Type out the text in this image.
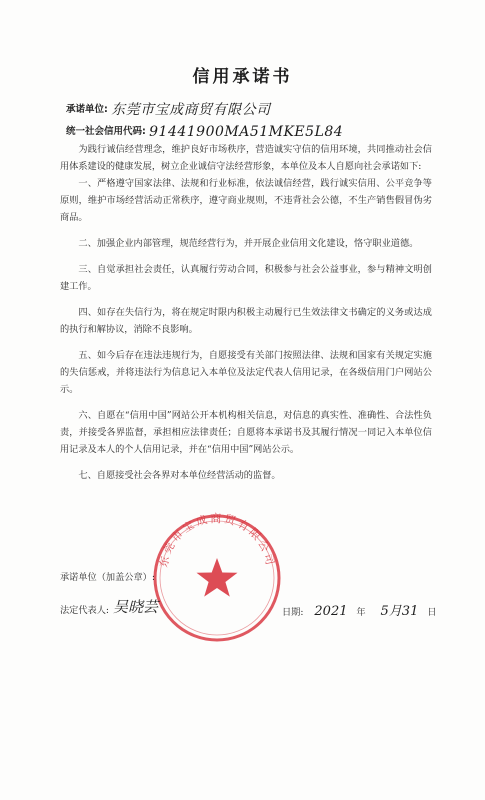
信用承诺书
承诺单位: 东莞市宝成商贸有限公司
统一社会信用代码: 91441900MA51MKE5L84

为践行诚信经营理念，维护良好市场秩序，营造诚实守信的信用环境，共同推动社会信用体系建设的健康发展，树立企业诚信守法经营形象，本单位及本人自愿向社会承诺如下:

一、严格遵守国家法律、法规和行业标准，依法诚信经营，践行诚实信用、公平竞争等原则，维护市场经营活动正常秩序，遵守商业规则，不违背社会公德，不生产销售假冒伪劣商品。

二、加强企业内部管理，规范经营行为，并开展企业信用文化建设，恪守职业道德。

三、自觉承担社会责任，认真履行劳动合同，积极参与社会公益事业，参与精神文明创建工作。

四、如存在失信行为，将在规定时限内积极主动履行已生效法律文书确定的义务或达成的执行和解协议，消除不良影响。

五、如今后存在违法违规行为，自愿接受有关部门按照法律、法规和国家有关规定实施的失信惩戒，并将违法行为信息记入本单位及法定代表人信用记录，在各级信用门户网站公示。

六、自愿在“信用中国”网站公开本机构相关信息，对信息的真实性、准确性、合法性负责，并接受各界监督，承担相应法律责任；自愿将本承诺书及其履行情况一同记入本单位信用记录及本人的个人信用记录，并在“信用中国”网站公示。

七、自愿接受社会各界对本单位经营活动的监督。

东莞市宝成商贸有限公司
承诺单位（加盖公章）:
法定代表人: 吴晓芸	日期: 2021 年 5月31 日
